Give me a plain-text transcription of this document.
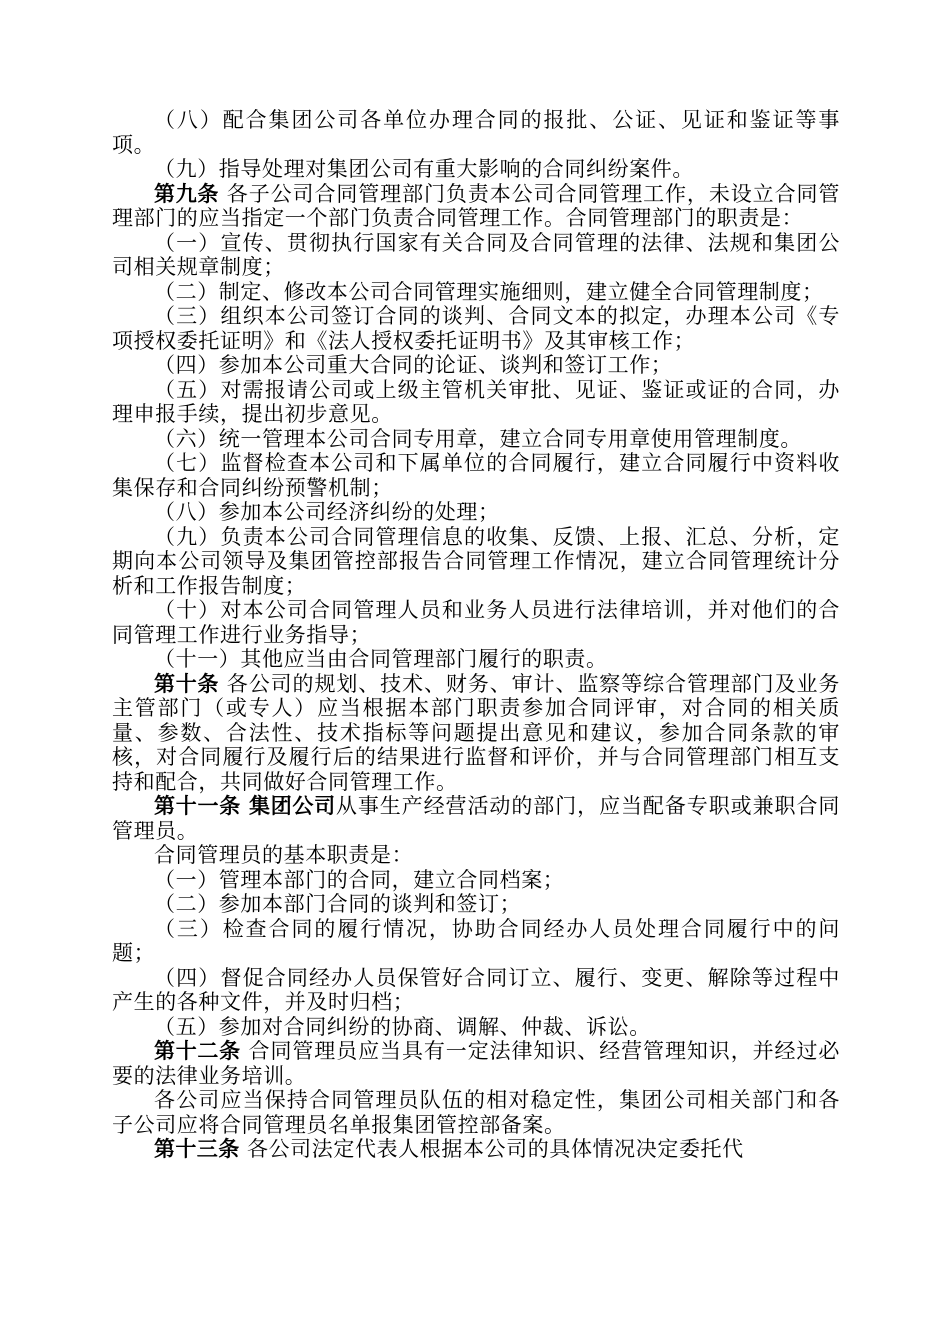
（八）配合集团公司各单位办理合同的报批、公证、见证和鉴证等事项。

（九）指导处理对集团公司有重大影响的合同纠纷案件。

第九条 各子公司合同管理部门负责本公司合同管理工作，未设立合同管理部门的应当指定一个部门负责合同管理工作。合同管理部门的职责是：

（一）宣传、贯彻执行国家有关合同及合同管理的法律、法规和集团公司相关规章制度；

（二）制定、修改本公司合同管理实施细则，建立健全合同管理制度；

（三）组织本公司签订合同的谈判、合同文本的拟定，办理本公司《专项授权委托证明》和《法人授权委托证明书》及其审核工作；

（四）参加本公司重大合同的论证、谈判和签订工作；

（五）对需报请公司或上级主管机关审批、见证、鉴证或证的合同，办理申报手续，提出初步意见。

（六）统一管理本公司合同专用章，建立合同专用章使用管理制度。

（七）监督检查本公司和下属单位的合同履行，建立合同履行中资料收集保存和合同纠纷预警机制；

（八）参加本公司经济纠纷的处理；

（九）负责本公司合同管理信息的收集、反馈、上报、汇总、分析，定期向本公司领导及集团管控部报告合同管理工作情况，建立合同管理统计分析和工作报告制度；

（十）对本公司合同管理人员和业务人员进行法律培训，并对他们的合同管理工作进行业务指导；

（十一）其他应当由合同管理部门履行的职责。

第十条 各公司的规划、技术、财务、审计、监察等综合管理部门及业务主管部门（或专人）应当根据本部门职责参加合同评审，对合同的相关质量、参数、合法性、技术指标等问题提出意见和建议，参加合同条款的审核，对合同履行及履行后的结果进行监督和评价，并与合同管理部门相互支持和配合，共同做好合同管理工作。

第十一条 集团公司从事生产经营活动的部门，应当配备专职或兼职合同管理员。

合同管理员的基本职责是：

（一）管理本部门的合同，建立合同档案；

（二）参加本部门合同的谈判和签订；

（三）检查合同的履行情况，协助合同经办人员处理合同履行中的问题；

（四）督促合同经办人员保管好合同订立、履行、变更、解除等过程中产生的各种文件，并及时归档；

（五）参加对合同纠纷的协商、调解、仲裁、诉讼。

第十二条 合同管理员应当具有一定法律知识、经营管理知识，并经过必要的法律业务培训。

各公司应当保持合同管理员队伍的相对稳定性，集团公司相关部门和各子公司应将合同管理员名单报集团管控部备案。

第十三条 各公司法定代表人根据本公司的具体情况决定委托代
